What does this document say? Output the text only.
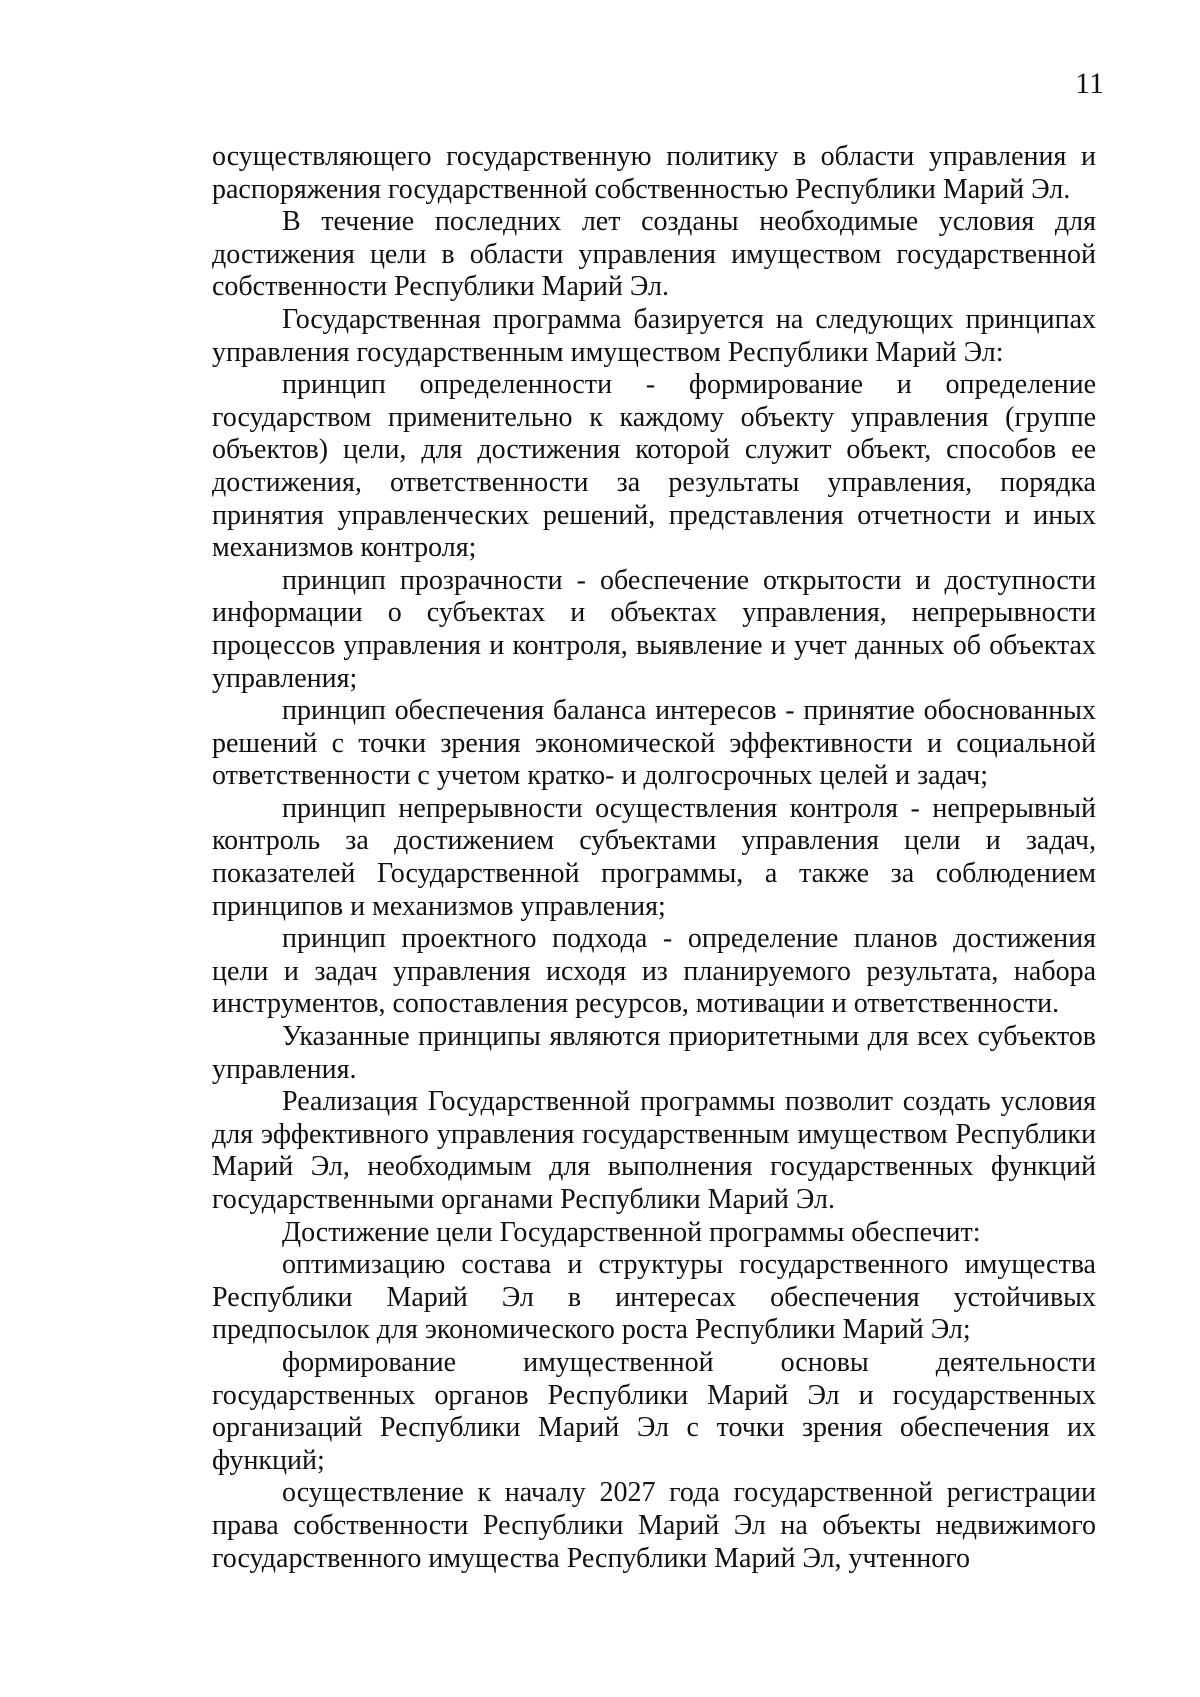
11

осуществляющего государственную политику в области управления и распоряжения государственной собственностью Республики Марий Эл.

В течение последних лет созданы необходимые условия для достижения цели в области управления имуществом государственной собственности Республики Марий Эл.

Государственная программа базируется на следующих принципах управления государственным имуществом Республики Марий Эл:

принцип определенности - формирование и определение государством применительно к каждому объекту управления (группе объектов) цели, для достижения которой служит объект, способов ее достижения, ответственности за результаты управления, порядка принятия управленческих решений, представления отчетности и иных механизмов контроля;

принцип прозрачности - обеспечение открытости и доступности информации о субъектах и объектах управления, непрерывности процессов управления и контроля, выявление и учет данных об объектах управления;

принцип обеспечения баланса интересов - принятие обоснованных решений с точки зрения экономической эффективности и социальной ответственности с учетом кратко- и долгосрочных целей и задач;

принцип непрерывности осуществления контроля - непрерывный контроль за достижением субъектами управления цели и задач, показателей Государственной программы, а также за соблюдением принципов и механизмов управления;

принцип проектного подхода - определение планов достижения цели и задач управления исходя из планируемого результата, набора инструментов, сопоставления ресурсов, мотивации и ответственности.

Указанные принципы являются приоритетными для всех субъектов управления.

Реализация Государственной программы позволит создать условия для эффективного управления государственным имуществом Республики Марий Эл, необходимым для выполнения государственных функций государственными органами Республики Марий Эл.

Достижение цели Государственной программы обеспечит:

оптимизацию состава и структуры государственного имущества Республики Марий Эл в интересах обеспечения устойчивых предпосылок для экономического роста Республики Марий Эл;

формирование имущественной основы деятельности государственных органов Республики Марий Эл и государственных организаций Республики Марий Эл с точки зрения обеспечения их функций;

осуществление к началу 2027 года государственной регистрации права собственности Республики Марий Эл на объекты недвижимого государственного имущества Республики Марий Эл, учтенного
